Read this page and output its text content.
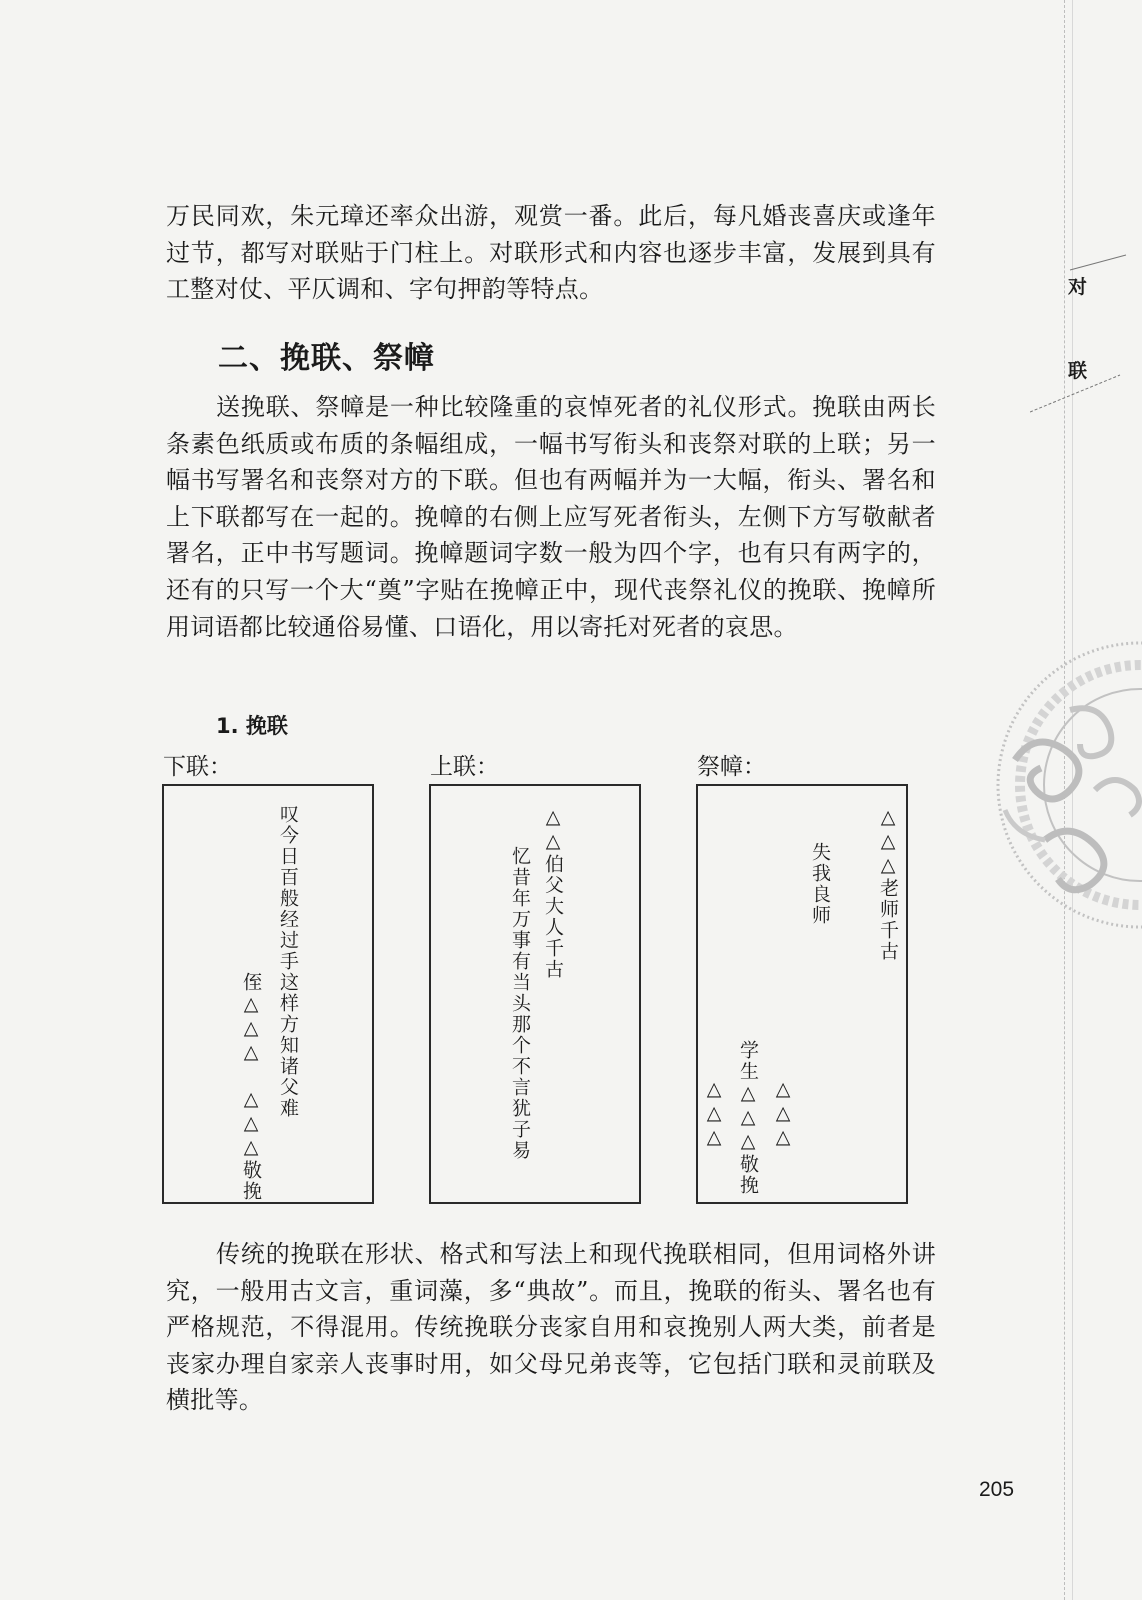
万民同欢，朱元璋还率众出游，观赏一番。此后，每凡婚丧喜庆或逢年过节，都写对联贴于门柱上。对联形式和内容也逐步丰富，发展到具有工整对仗、平仄调和、字句押韵等特点。

二、挽联、祭幛

送挽联、祭幛是一种比较隆重的哀悼死者的礼仪形式。挽联由两长条素色纸质或布质的条幅组成，一幅书写衔头和丧祭对联的上联；另一幅书写署名和丧祭对方的下联。但也有两幅并为一大幅，衔头、署名和上下联都写在一起的。挽幛的右侧上应写死者衔头，左侧下方写敬献者署名，正中书写题词。挽幛题词字数一般为四个字，也有只有两字的，还有的只写一个大“奠”字贴在挽幛正中，现代丧祭礼仪的挽联、挽幛所用词语都比较通俗易懂、口语化，用以寄托对死者的哀思。

1. 挽联
下联：	上联：	祭幛：
叹今日百般经过手这样方知诸父难
侄△△△
△△△敬挽
△△伯父大人千古
忆昔年万事有当头那个不言犹子易	△△△老师千古
失我良师
△△△ 学生△△△敬挽 △△△

传统的挽联在形状、格式和写法上和现代挽联相同，但用词格外讲究，一般用古文言，重词藻，多“典故”。而且，挽联的衔头、署名也有严格规范，不得混用。传统挽联分丧家自用和哀挽别人两大类，前者是丧家办理自家亲人丧事时用，如父母兄弟丧等，它包括门联和灵前联及横批等。

对
联
205
